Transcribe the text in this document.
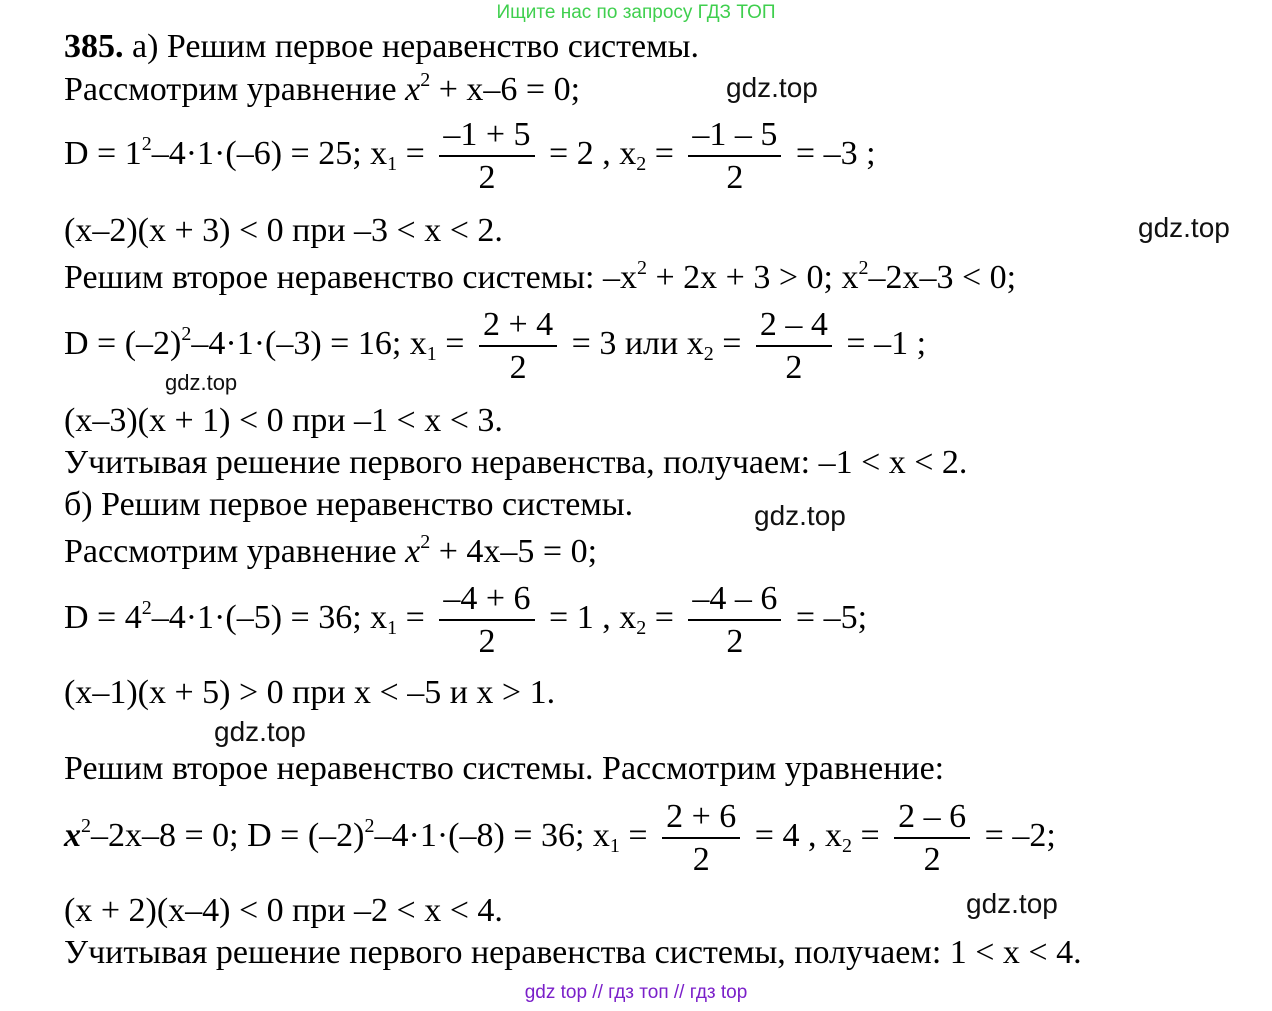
Ищите нас по запросу ГДЗ ТОП
gdz.top
gdz.top
gdz.top
gdz.top
gdz.top
gdz.top
385. а) Решим первое неравенство системы.
Рассмотрим уравнение $x^2 + x-6 = 0$;
$D = 1^2-4\cdot 1\cdot(-6) = 25$; $x_1 = \frac{-1 + 5}{2} = 2$ , $x_2 = \frac{-1 - 5}{2} = -3$ ;
(x–2)(x + 3) < 0 при –3 < x < 2.
Решим второе неравенство системы: $-x^2 + 2x + 3 > 0$; $x^2-2x-3 < 0$;
$D = (-2)^2-4\cdot 1\cdot(-3) = 16$; $x_1 = \frac{2 + 4}{2} = 3$ или $x_2 = \frac{2 - 4}{2} = -1$ ;
(x–3)(x + 1) < 0 при –1 < x < 3.
Учитывая решение первого неравенства, получаем: –1 < x < 2.
б) Решим первое неравенство системы.
Рассмотрим уравнение $x^2 + 4x-5 = 0$;
$D = 4^2-4\cdot 1\cdot(-5) = 36$; $x_1 = \frac{-4 + 6}{2} = 1$ , $x_2 = \frac{-4 - 6}{2} = -5$;
(x–1)(x + 5) > 0 при x < –5 и x > 1.
Решим второе неравенство системы. Рассмотрим уравнение:
$x^2-2x-8 = 0$; $D = (-2)^2-4\cdot 1\cdot(-8) = 36$; $x_1 = \frac{2 + 6}{2} = 4$ , $x_2 = \frac{2 - 6}{2} = -2$;
(x + 2)(x–4) < 0 при –2 < x < 4.
Учитывая решение первого неравенства системы, получаем: 1 < x < 4.
gdz top // гдз топ // гдз top
